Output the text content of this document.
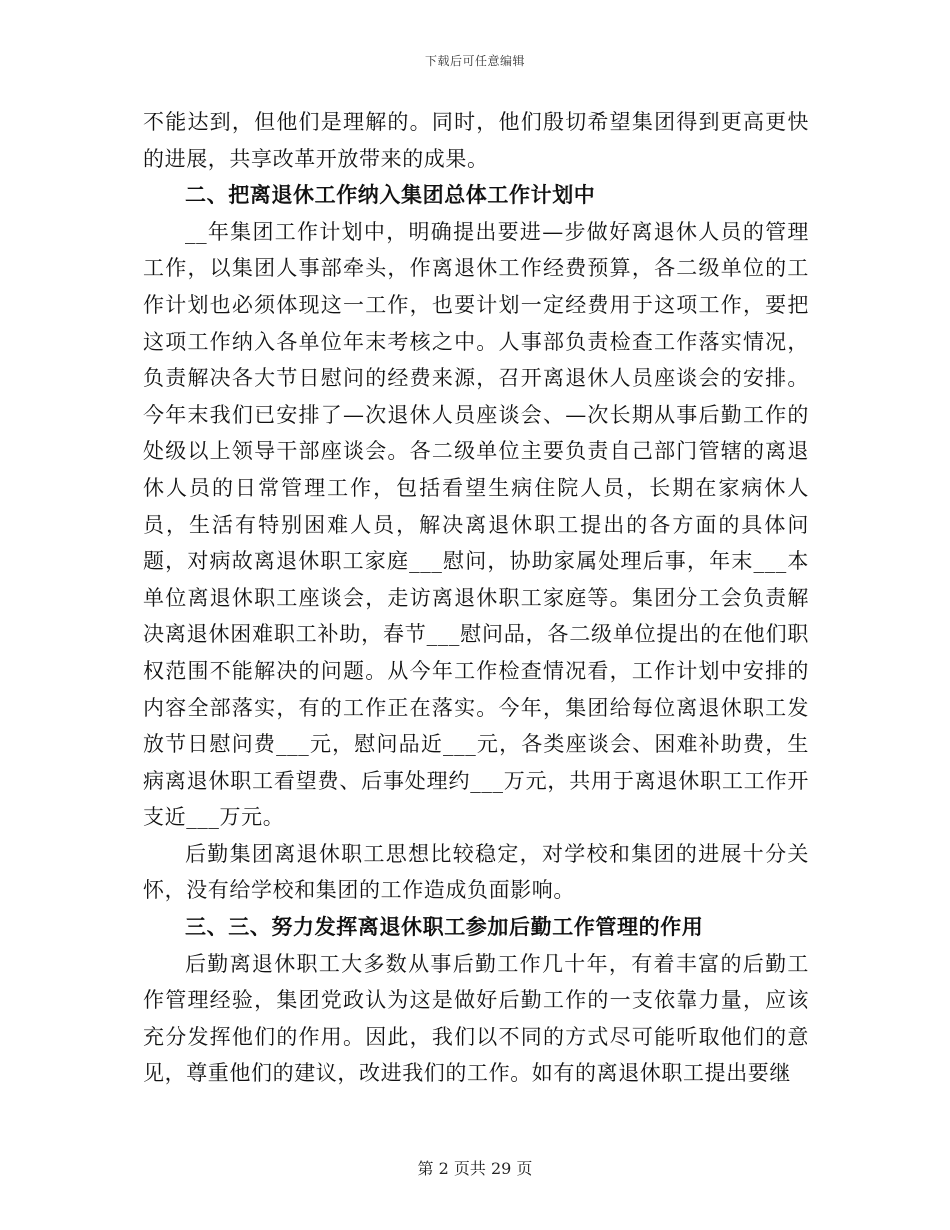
下载后可任意编辑

不能达到，但他们是理解的。同时，他们殷切希望集团得到更高更快的进展，共享改革开放带来的成果。

二、把离退休工作纳入集团总体工作计划中

__年集团工作计划中，明确提出要进—步做好离退休人员的管理工作，以集团人事部牵头，作离退休工作经费预算，各二级单位的工作计划也必须体现这一工作，也要计划一定经费用于这项工作，要把这项工作纳入各单位年末考核之中。人事部负责检查工作落实情况，负责解决各大节日慰问的经费来源，召开离退休人员座谈会的安排。今年末我们已安排了—次退休人员座谈会、—次长期从事后勤工作的处级以上领导干部座谈会。各二级单位主要负责自己部门管辖的离退休人员的日常管理工作，包括看望生病住院人员，长期在家病休人员，生活有特别困难人员，解决离退休职工提出的各方面的具体问题，对病故离退休职工家庭___慰问，协助家属处理后事，年末___本单位离退休职工座谈会，走访离退休职工家庭等。集团分工会负责解决离退休困难职工补助，春节___慰问品，各二级单位提出的在他们职权范围不能解决的问题。从今年工作检查情况看，工作计划中安排的内容全部落实，有的工作正在落实。今年，集团给每位离退休职工发放节日慰问费___元，慰问品近___元，各类座谈会、困难补助费，生病离退休职工看望费、后事处理约___万元，共用于离退休职工工作开支近___万元。

后勤集团离退休职工思想比较稳定，对学校和集团的进展十分关怀，没有给学校和集团的工作造成负面影响。

三、三、努力发挥离退休职工参加后勤工作管理的作用

后勤离退休职工大多数从事后勤工作几十年，有着丰富的后勤工作管理经验，集团党政认为这是做好后勤工作的一支依靠力量，应该充分发挥他们的作用。因此，我们以不同的方式尽可能听取他们的意见，尊重他们的建议，改进我们的工作。如有的离退休职工提出要继

第 2 页共 29 页
